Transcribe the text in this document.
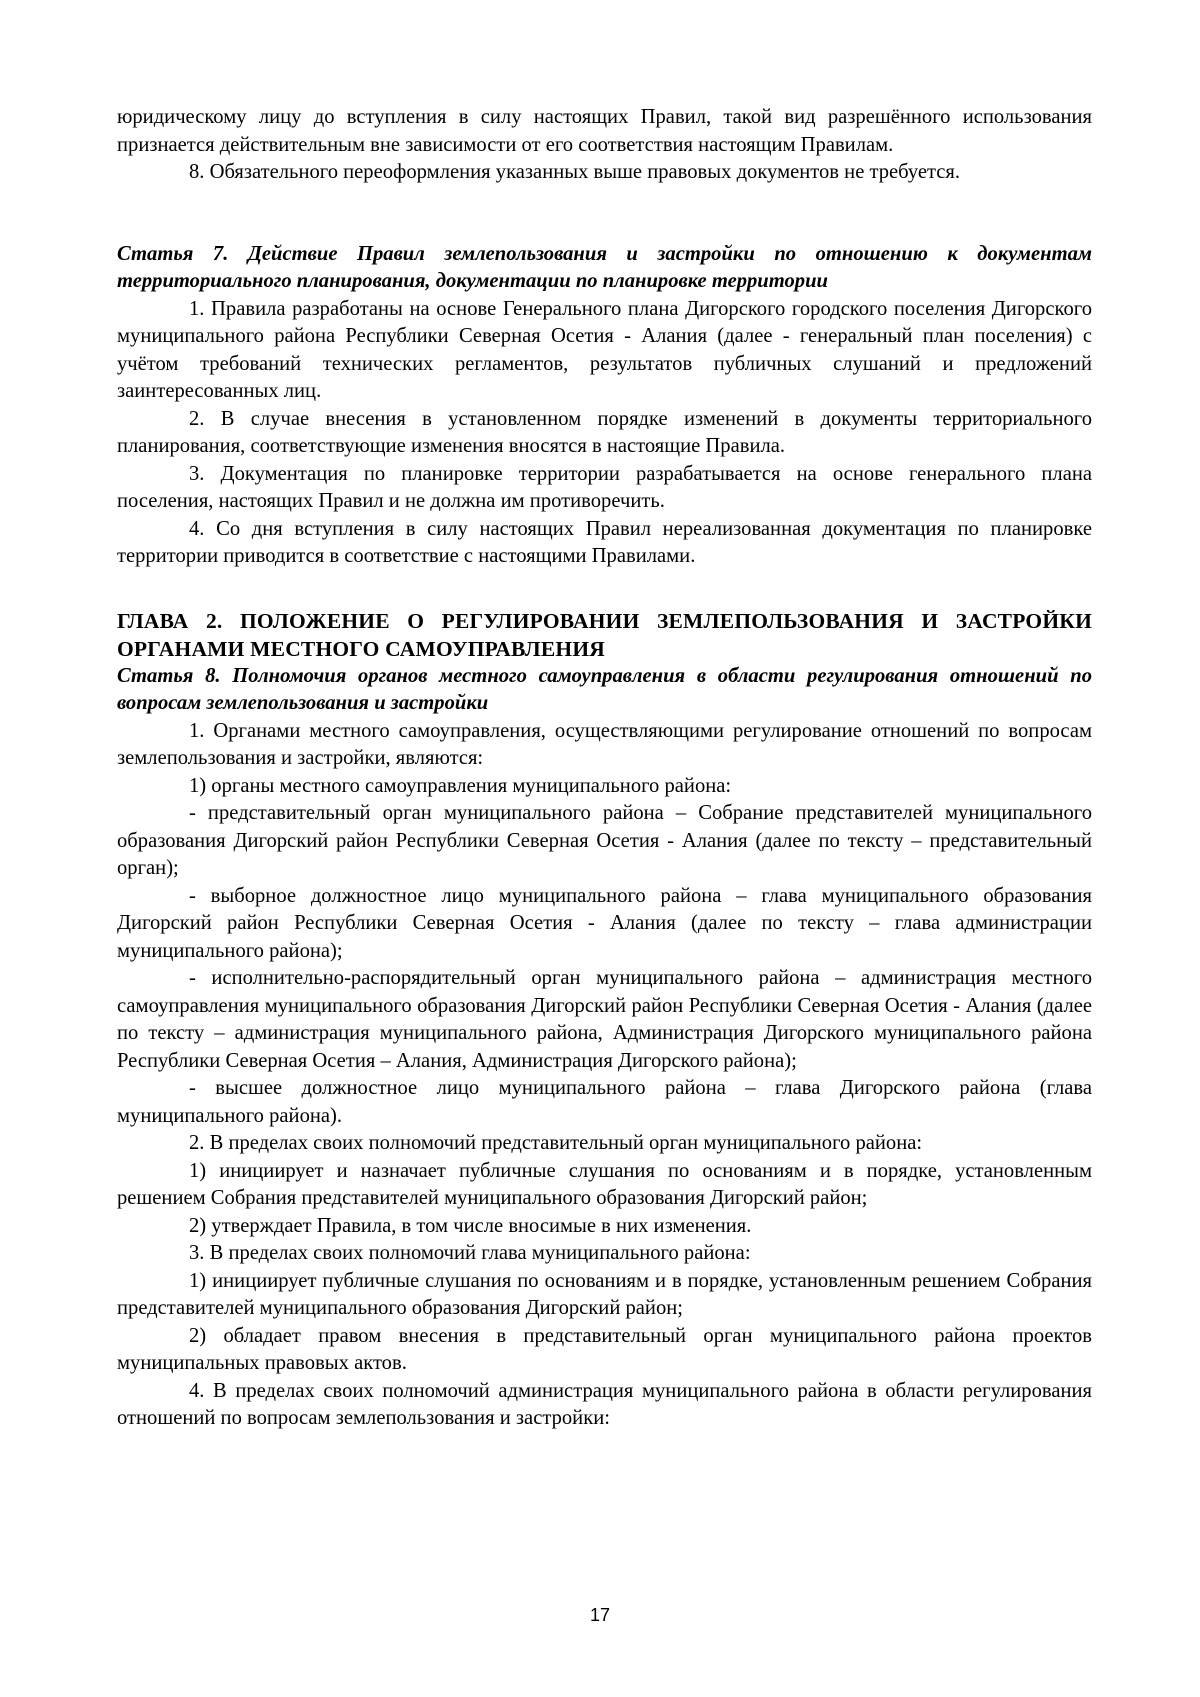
юридическому лицу до вступления в силу настоящих Правил, такой вид разрешённого использования признается действительным вне зависимости от его соответствия настоящим Правилам.

8. Обязательного переоформления указанных выше правовых документов не требуется.

Статья 7. Действие Правил землепользования и застройки по отношению к документам территориального планирования, документации по планировке территории

1. Правила разработаны на основе Генерального плана Дигорского городского поселения Дигорского муниципального района Республики Северная Осетия - Алания (далее - генеральный план поселения) с учётом требований технических регламентов, результатов публичных слушаний и предложений заинтересованных лиц.

2. В случае внесения в установленном порядке изменений в документы территориального планирования, соответствующие изменения вносятся в настоящие Правила.

3. Документация по планировке территории разрабатывается на основе генерального плана поселения, настоящих Правил и не должна им противоречить.

4. Со дня вступления в силу настоящих Правил нереализованная документация по планировке территории приводится в соответствие с настоящими Правилами.

ГЛАВА 2. ПОЛОЖЕНИЕ О РЕГУЛИРОВАНИИ ЗЕМЛЕПОЛЬЗОВАНИЯ И ЗАСТРОЙКИ ОРГАНАМИ МЕСТНОГО САМОУПРАВЛЕНИЯ

Статья 8. Полномочия органов местного самоуправления в области регулирования отношений по вопросам землепользования и застройки

1. Органами местного самоуправления, осуществляющими регулирование отношений по вопросам землепользования и застройки, являются:

1) органы местного самоуправления муниципального района:

- представительный орган муниципального района – Собрание представителей муниципального образования Дигорский район Республики Северная Осетия - Алания (далее по тексту – представительный орган);

- выборное должностное лицо муниципального района – глава муниципального образования Дигорский район Республики Северная Осетия - Алания (далее по тексту – глава администрации муниципального района);

- исполнительно-распорядительный орган муниципального района – администрация местного самоуправления муниципального образования Дигорский район Республики Северная Осетия - Алания (далее по тексту – администрация муниципального района, Администрация Дигорского муниципального района Республики Северная Осетия – Алания, Администрация Дигорского района);

- высшее должностное лицо муниципального района – глава Дигорского района (глава муниципального района).

2. В пределах своих полномочий представительный орган муниципального района:

1) инициирует и назначает публичные слушания по основаниям и в порядке, установленным решением Собрания представителей муниципального образования Дигорский район;

2) утверждает Правила, в том числе вносимые в них изменения.

3. В пределах своих полномочий глава муниципального района:

1) инициирует публичные слушания по основаниям и в порядке, установленным решением Собрания представителей муниципального образования Дигорский район;

2) обладает правом внесения в представительный орган муниципального района проектов муниципальных правовых актов.

4. В пределах своих полномочий администрация муниципального района в области регулирования отношений по вопросам землепользования и застройки:

17
